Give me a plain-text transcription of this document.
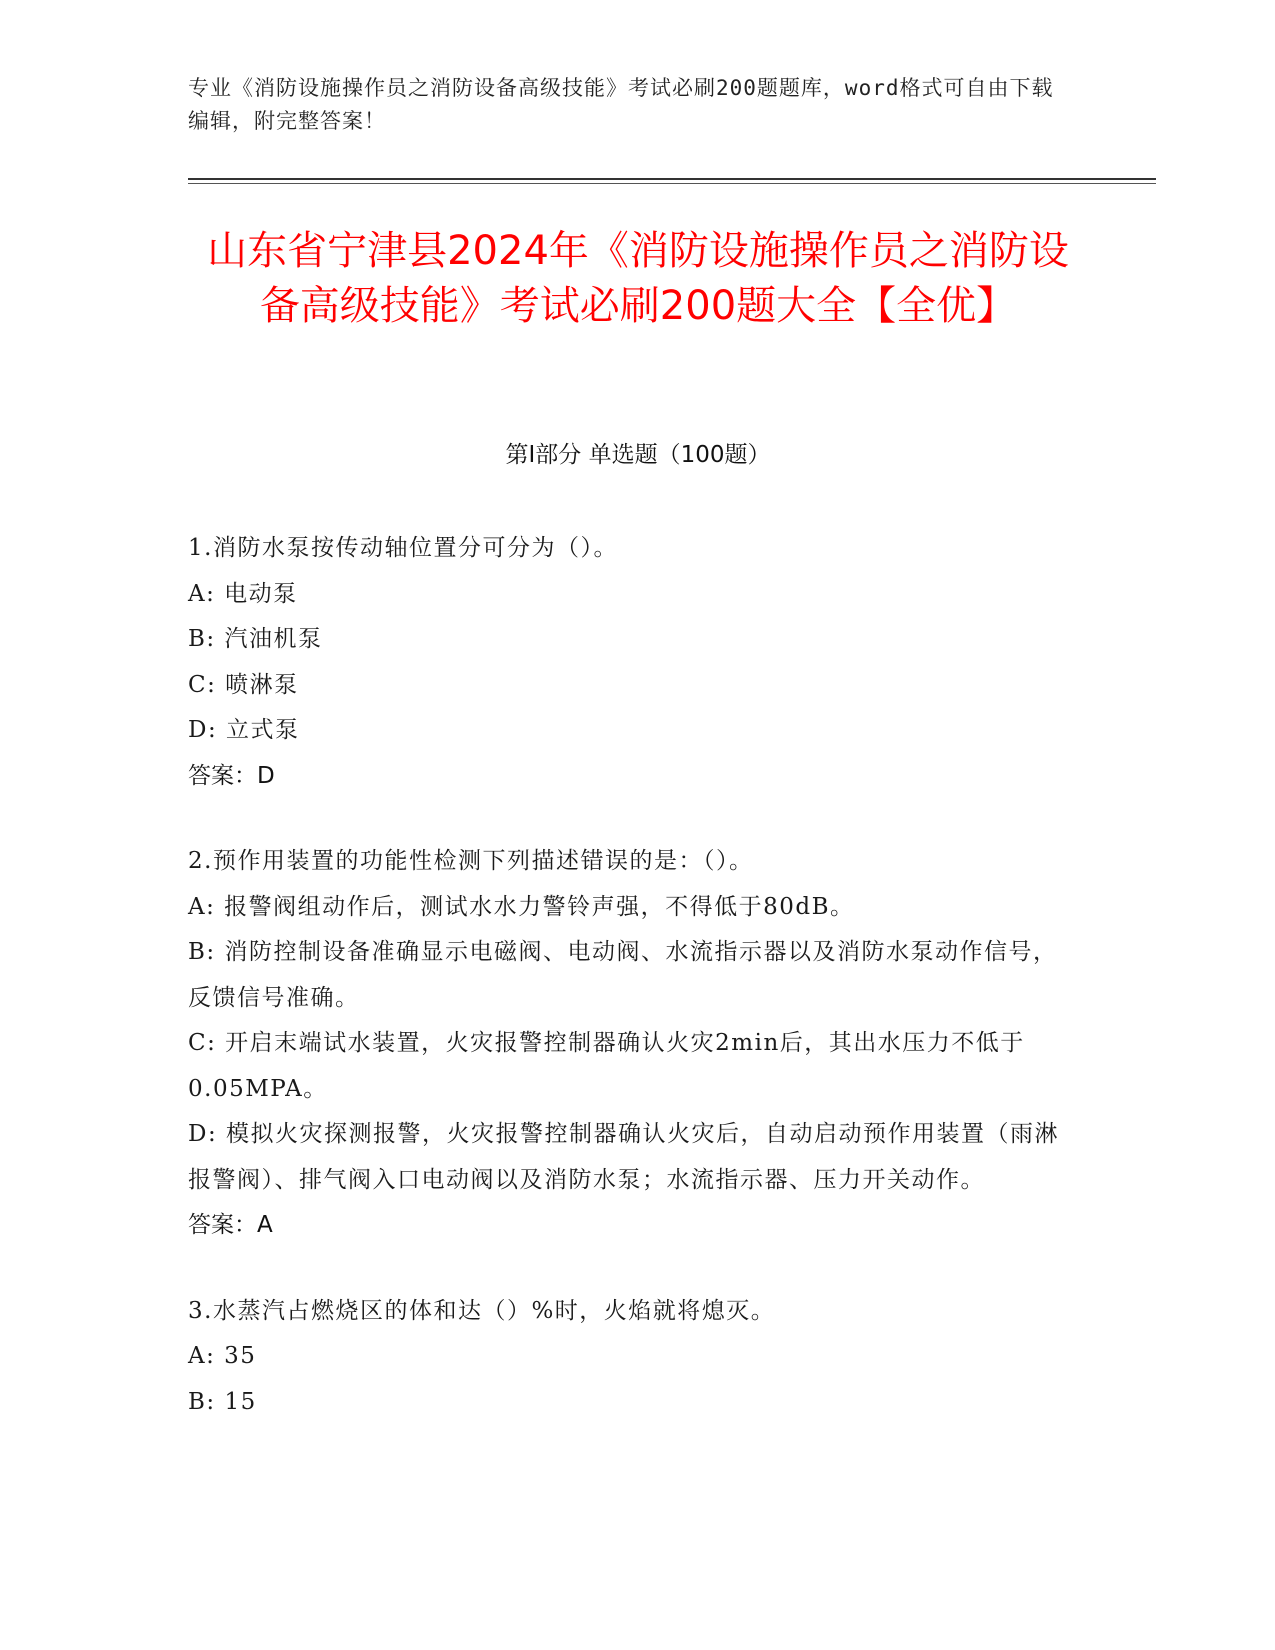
专业《消防设施操作员之消防设备高级技能》考试必刷200题题库，word格式可自由下载编辑，附完整答案！
山东省宁津县2024年《消防设施操作员之消防设备高级技能》考试必刷200题大全【全优】
第Ⅰ部分 单选题（100题）
1.消防水泵按传动轴位置分可分为（）。
A: 电动泵
B: 汽油机泵
C: 喷淋泵
D: 立式泵
答案：D
2.预作用装置的功能性检测下列描述错误的是：（）。
A: 报警阀组动作后，测试水水力警铃声强，不得低于80dB。
B: 消防控制设备准确显示电磁阀、电动阀、水流指示器以及消防水泵动作信号，反馈信号准确。
C: 开启末端试水装置，火灾报警控制器确认火灾2min后，其出水压力不低于0.05MPA。
D: 模拟火灾探测报警，火灾报警控制器确认火灾后，自动启动预作用装置（雨淋报警阀）、排气阀入口电动阀以及消防水泵；水流指示器、压力开关动作。
答案：A
3.水蒸汽占燃烧区的体和达（）%时，火焰就将熄灭。
A: 35
B: 15
